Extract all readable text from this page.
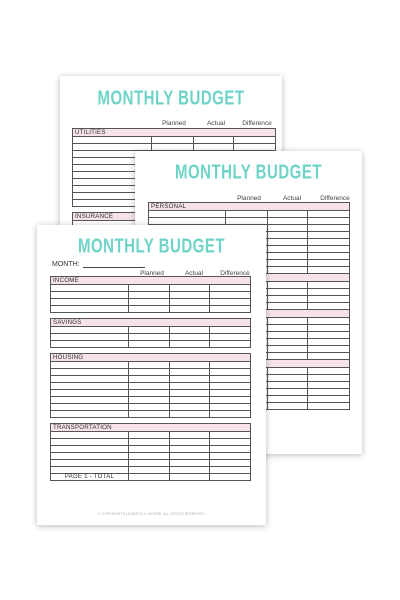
MONTHLY BUDGET
Planned	Actual	Difference
UTILITIES			

INSURANCE			

MONTHLY BUDGET
Planned	Actual	Difference
PERSONAL			

MONTHLY BUDGET
MONTH:
Planned	Actual	Difference
INCOME			

SAVINGS			

HOUSING			

TRANSPORTATION			

PAGE 1 - TOTAL			
© COPYRIGHT ELIZABETH A. MOORE. ALL RIGHTS RESERVED.
